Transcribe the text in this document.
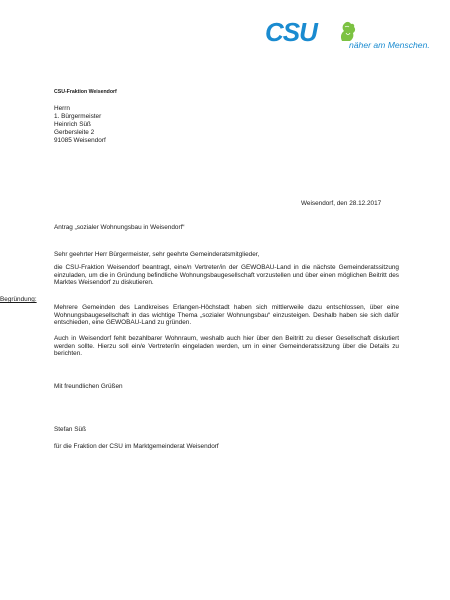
CSU	näher am Menschen.
CSU-Fraktion Weisendorf
Herrn
1. Bürgermeister
Heinrich Süß
Gerbersleite 2
91085 Weisendorf
Weisendorf, den 28.12.2017
Antrag „sozialer Wohnungsbau in Weisendorf“
Sehr geehrter Herr Bürgermeister, sehr geehrte Gemeinderatsmitglieder,
die CSU-Fraktion Weisendorf beantragt, eine/n Vertreter/in der GEWOBAU-Land in die nächste Gemeinderatssitzung einzuladen, um die in Gründung befindliche Wohnungsbaugesellschaft vorzustellen und über einen möglichen Beitritt des Marktes Weisendorf zu diskutieren.
Begründung:
Mehrere Gemeinden des Landkreises Erlangen-Höchstadt haben sich mittlerweile dazu entschlossen, über eine Wohnungsbaugesellschaft in das wichtige Thema „sozialer Wohnungsbau“ einzusteigen. Deshalb haben sie sich dafür entschieden, eine GEWOBAU-Land zu gründen.
Auch in Weisendorf fehlt bezahlbarer Wohnraum, weshalb auch hier über den Beitritt zu dieser Gesellschaft diskutiert werden sollte. Hierzu soll ein/e Vertreter/in eingeladen werden, um in einer Gemeinderatssitzung über die Details zu berichten.
Mit freundlichen Grüßen
Stefan Süß
für die Fraktion der CSU im Marktgemeinderat Weisendorf
